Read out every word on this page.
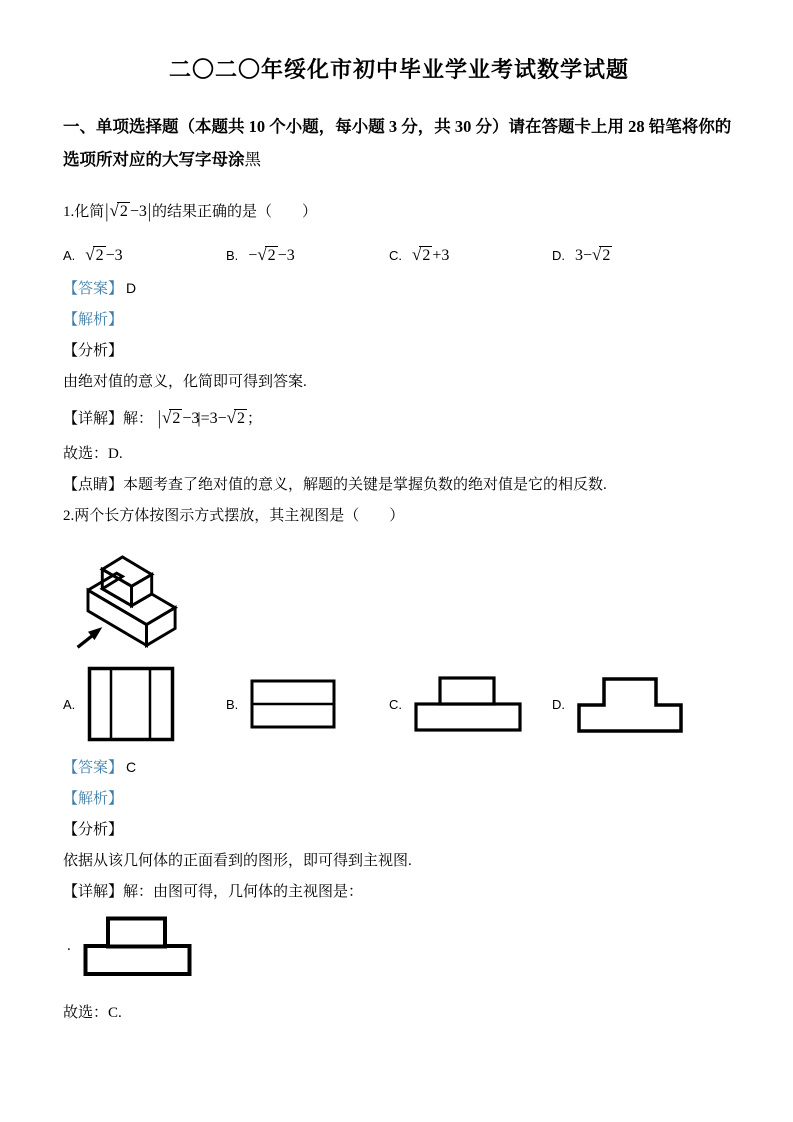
二〇二〇年绥化市初中毕业学业考试数学试题

一、单项选择题（本题共 10 个小题，每小题 3 分，共 30 分）请在答题卡上用 28 铅笔将你的选项所对应的大写字母涂黑

1.化简|√ 2 −3|的结果正确的是（　　）

A. √ 2 −3	B. −√ 2 −3	C. √ 2 +3	D. 3−√ 2

【答案】 D

【解析】

【分析】

由绝对值的意义，化简即可得到答案.

【详解】解： |√ 2 −3|=3−√ 2 ；

故选：D.

【点睛】本题考查了绝对值的意义，解题的关键是掌握负数的绝对值是它的相反数.

2.两个长方体按图示方式摆放，其主视图是（　　）

A.	B.	C.	D.

【答案】 C

【解析】

【分析】

依据从该几何体的正面看到的图形，即可得到主视图.

【详解】解：由图可得，几何体的主视图是：

.

故选：C.
